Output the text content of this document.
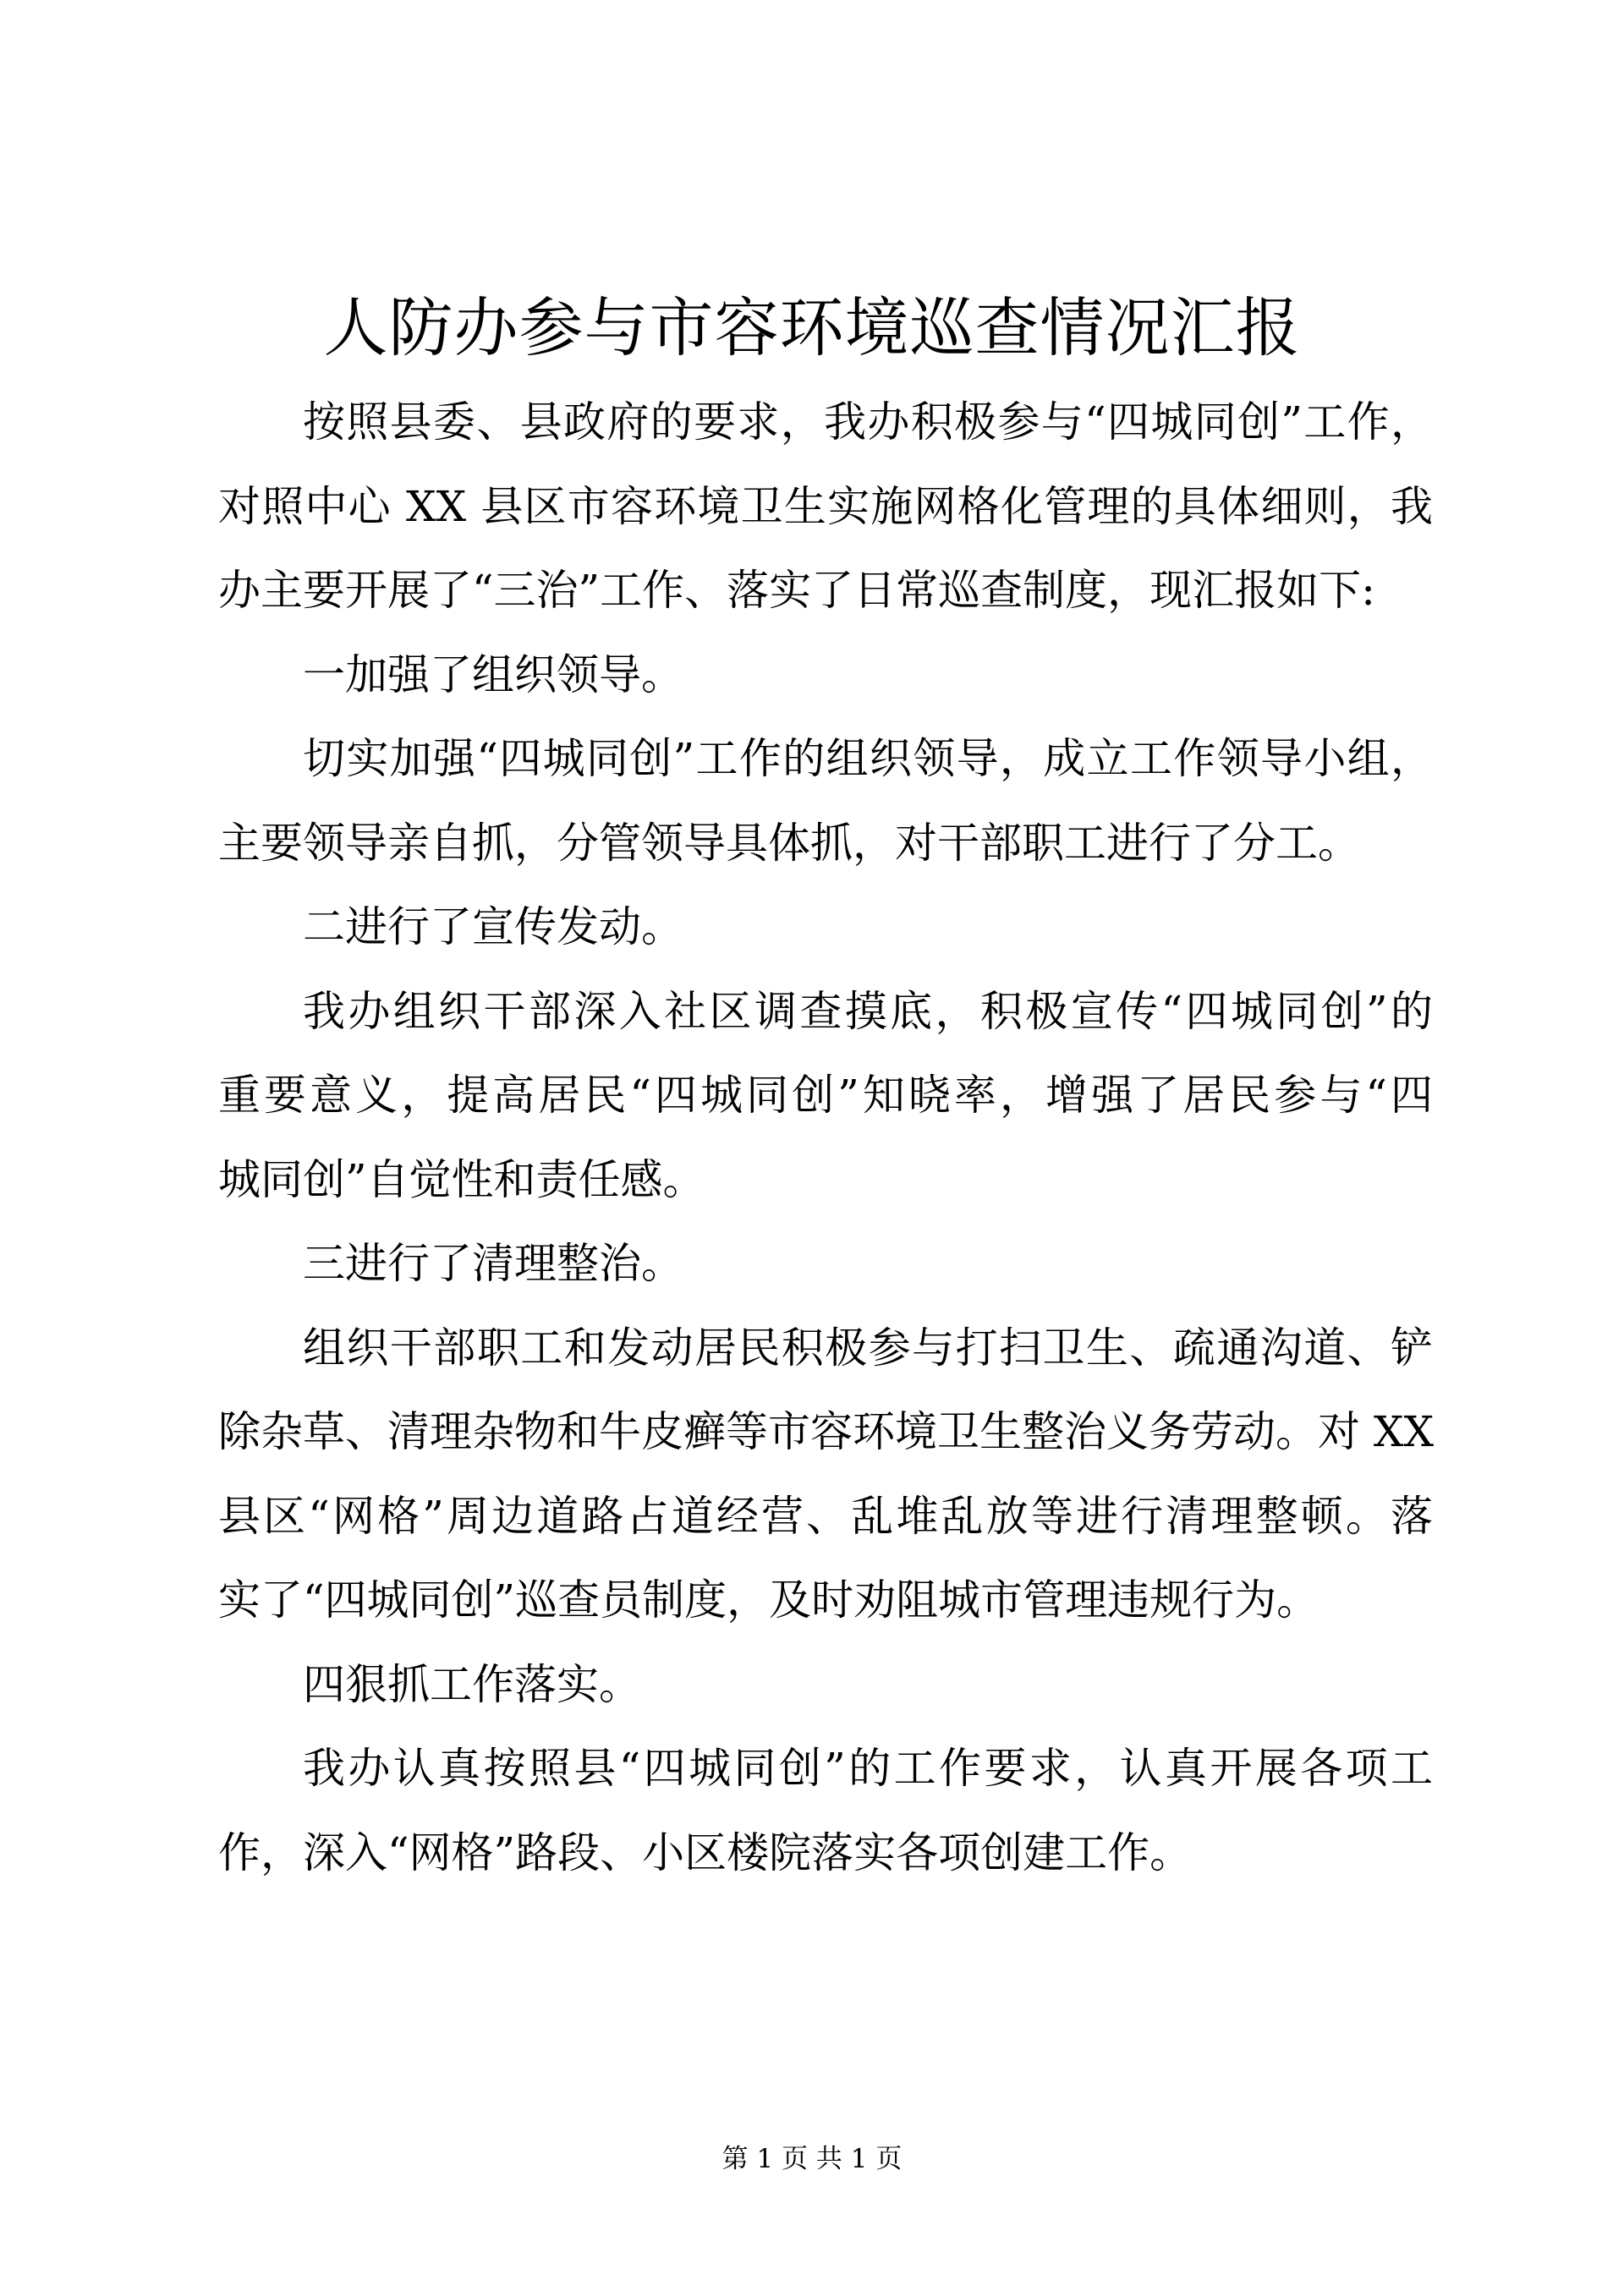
人防办参与市容环境巡查情况汇报
按照县委、县政府的要求，我办积极参与“四城同创”工作，
对照中心 XX 县区市容环境卫生实施网格化管理的具体细则，我
办主要开展了“三治”工作、落实了日常巡查制度，现汇报如下:
一加强了组织领导。
切实加强“四城同创”工作的组织领导，成立工作领导小组，
主要领导亲自抓，分管领导具体抓，对干部职工进行了分工。
二进行了宣传发动。
我办组织干部深入社区调查摸底，积极宣传“四城同创”的
重要意义，提高居民“四城同创”知晓率，增强了居民参与“四
城同创”自觉性和责任感。
三进行了清理整治。
组织干部职工和发动居民积极参与打扫卫生、疏通沟道、铲
除杂草、清理杂物和牛皮癣等市容环境卫生整治义务劳动。对 XX
县区“网格”周边道路占道经营、乱堆乱放等进行清理整顿。落
实了“四城同创”巡查员制度，及时劝阻城市管理违规行为。
四狠抓工作落实。
我办认真按照县“四城同创”的工作要求，认真开展各项工
作，深入“网格”路段、小区楼院落实各项创建工作。
第 1 页 共 1 页
